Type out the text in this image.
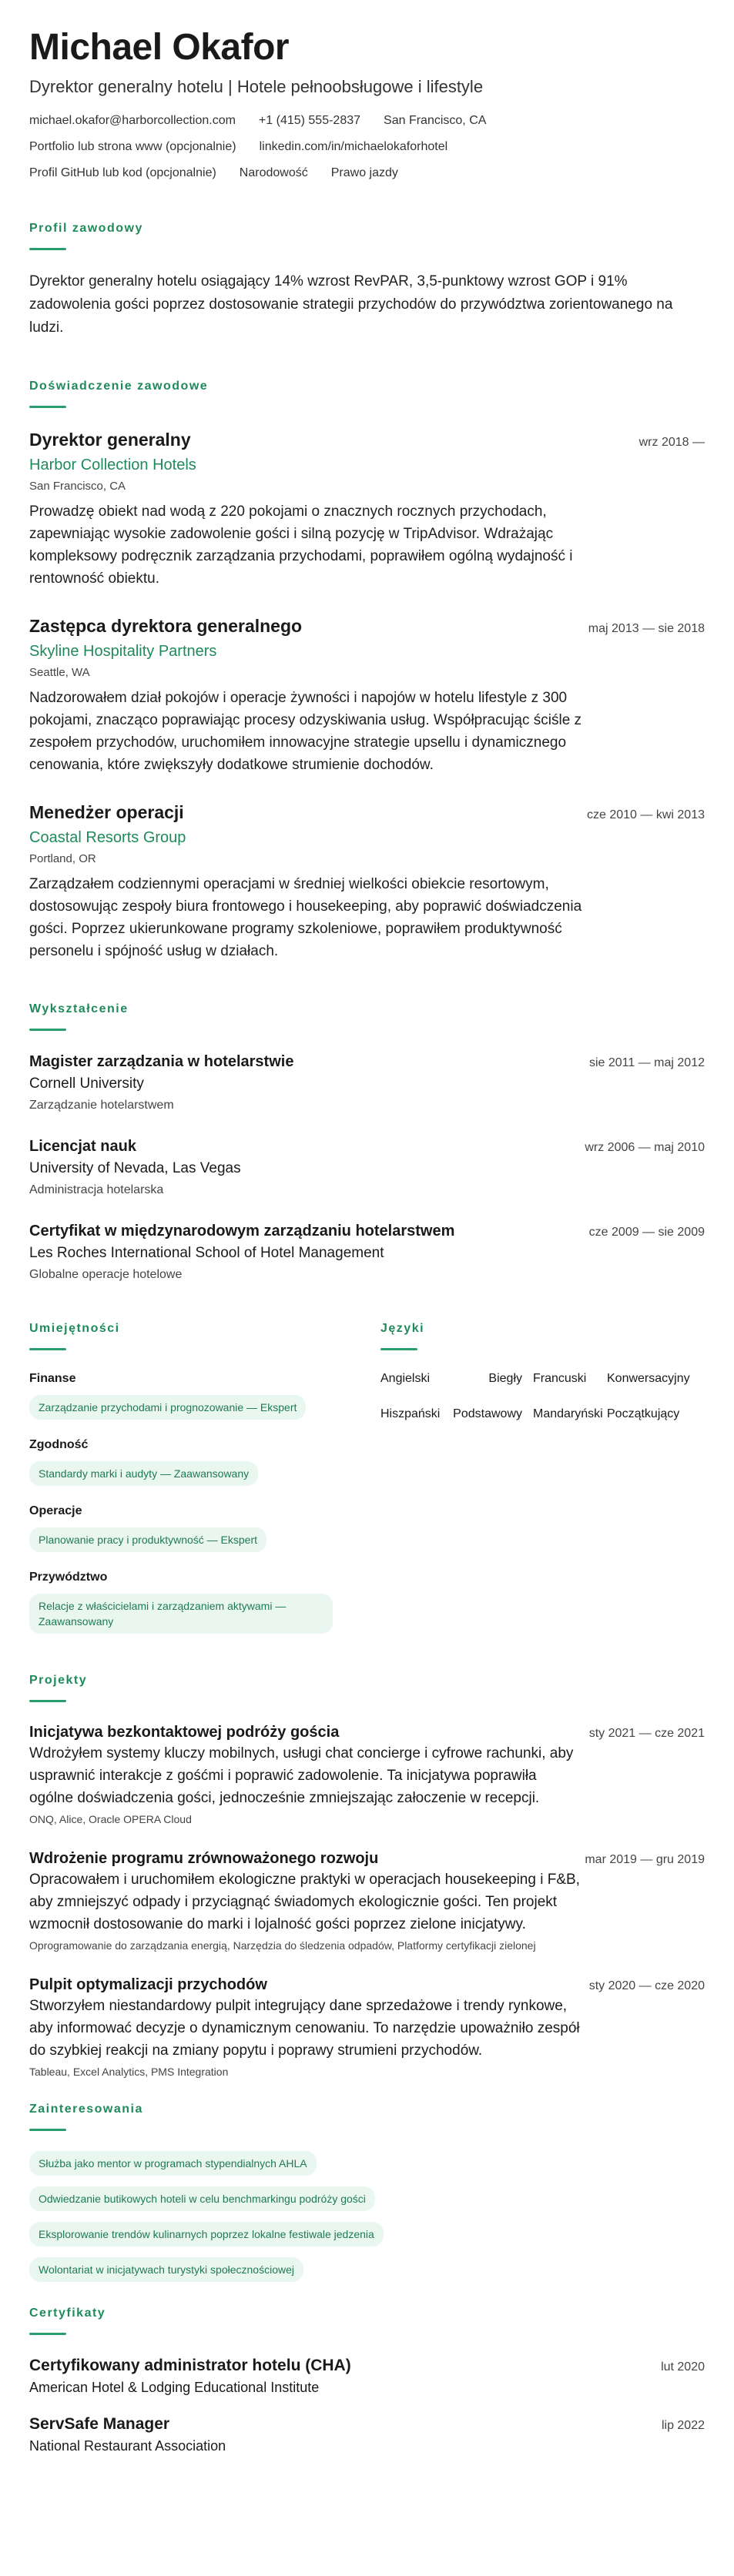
Michael Okafor
Dyrektor generalny hotelu | Hotele pełnoobsługowe i lifestyle
michael.okafor@harborcollection.com +1 (415) 555-2837 San Francisco, CA
Portfolio lub strona www (opcjonalnie) linkedin.com/in/michaelokaforhotel
Profil GitHub lub kod (opcjonalnie) Narodowość Prawo jazdy
Profil zawodowy
Dyrektor generalny hotelu osiągający 14% wzrost RevPAR, 3,5-punktowy wzrost GOP i 91% zadowolenia gości poprzez dostosowanie strategii przychodów do przywództwa zorientowanego na ludzi.
Doświadczenie zawodowe
Dyrektor generalny	wrz 2018 —
Harbor Collection Hotels
San Francisco, CA
Prowadzę obiekt nad wodą z 220 pokojami o znacznych rocznych przychodach, zapewniając wysokie zadowolenie gości i silną pozycję w TripAdvisor. Wdrażając kompleksowy podręcznik zarządzania przychodami, poprawiłem ogólną wydajność i rentowność obiektu.
Zastępca dyrektora generalnego	maj 2013 — sie 2018
Skyline Hospitality Partners
Seattle, WA
Nadzorowałem dział pokojów i operacje żywności i napojów w hotelu lifestyle z 300 pokojami, znacząco poprawiając procesy odzyskiwania usług. Współpracując ściśle z zespołem przychodów, uruchomiłem innowacyjne strategie upsellu i dynamicznego cenowania, które zwiększyły dodatkowe strumienie dochodów.
Menedżer operacji	cze 2010 — kwi 2013
Coastal Resorts Group
Portland, OR
Zarządzałem codziennymi operacjami w średniej wielkości obiekcie resortowym, dostosowując zespoły biura frontowego i housekeeping, aby poprawić doświadczenia gości. Poprzez ukierunkowane programy szkoleniowe, poprawiłem produktywność personelu i spójność usług w działach.
Wykształcenie
Magister zarządzania w hotelarstwie	sie 2011 — maj 2012
Cornell University
Zarządzanie hotelarstwem
Licencjat nauk	wrz 2006 — maj 2010
University of Nevada, Las Vegas
Administracja hotelarska
Certyfikat w międzynarodowym zarządzaniu hotelarstwem	cze 2009 — sie 2009
Les Roches International School of Hotel Management
Globalne operacje hotelowe
Umiejętności
Finanse
Zarządzanie przychodami i prognozowanie — Ekspert
Zgodność
Standardy marki i audyty — Zaawansowany
Operacje
Planowanie pracy i produktywność — Ekspert
Przywództwo
Relacje z właścicielami i zarządzaniem aktywami — Zaawansowany
Języki
Angielski	Biegły Francuski	Konwersacyjny
Hiszpański	Podstawowy Mandaryński Początkujący
Projekty
Inicjatywa bezkontaktowej podróży gościa	sty 2021 — cze 2021
Wdrożyłem systemy kluczy mobilnych, usługi chat concierge i cyfrowe rachunki, aby usprawnić interakcje z gośćmi i poprawić zadowolenie. Ta inicjatywa poprawiła ogólne doświadczenia gości, jednocześnie zmniejszając załoczenie w recepcji.
ONQ, Alice, Oracle OPERA Cloud
Wdrożenie programu zrównoważonego rozwoju	mar 2019 — gru 2019
Opracowałem i uruchomiłem ekologiczne praktyki w operacjach housekeeping i F&B, aby zmniejszyć odpady i przyciągnąć świadomych ekologicznie gości. Ten projekt wzmocnił dostosowanie do marki i lojalność gości poprzez zielone inicjatywy.
Oprogramowanie do zarządzania energią, Narzędzia do śledzenia odpadów, Platformy certyfikacji zielonej
Pulpit optymalizacji przychodów	sty 2020 — cze 2020
Stworzyłem niestandardowy pulpit integrujący dane sprzedażowe i trendy rynkowe, aby informować decyzje o dynamicznym cenowaniu. To narzędzie upoważniło zespół do szybkiej reakcji na zmiany popytu i poprawy strumieni przychodów.
Tableau, Excel Analytics, PMS Integration
Zainteresowania
Służba jako mentor w programach stypendialnych AHLA
Odwiedzanie butikowych hoteli w celu benchmarkingu podróży gości
Eksplorowanie trendów kulinarnych poprzez lokalne festiwale jedzenia
Wolontariat w inicjatywach turystyki społecznościowej
Certyfikaty
Certyfikowany administrator hotelu (CHA)	lut 2020
American Hotel & Lodging Educational Institute
ServSafe Manager	lip 2022
National Restaurant Association
